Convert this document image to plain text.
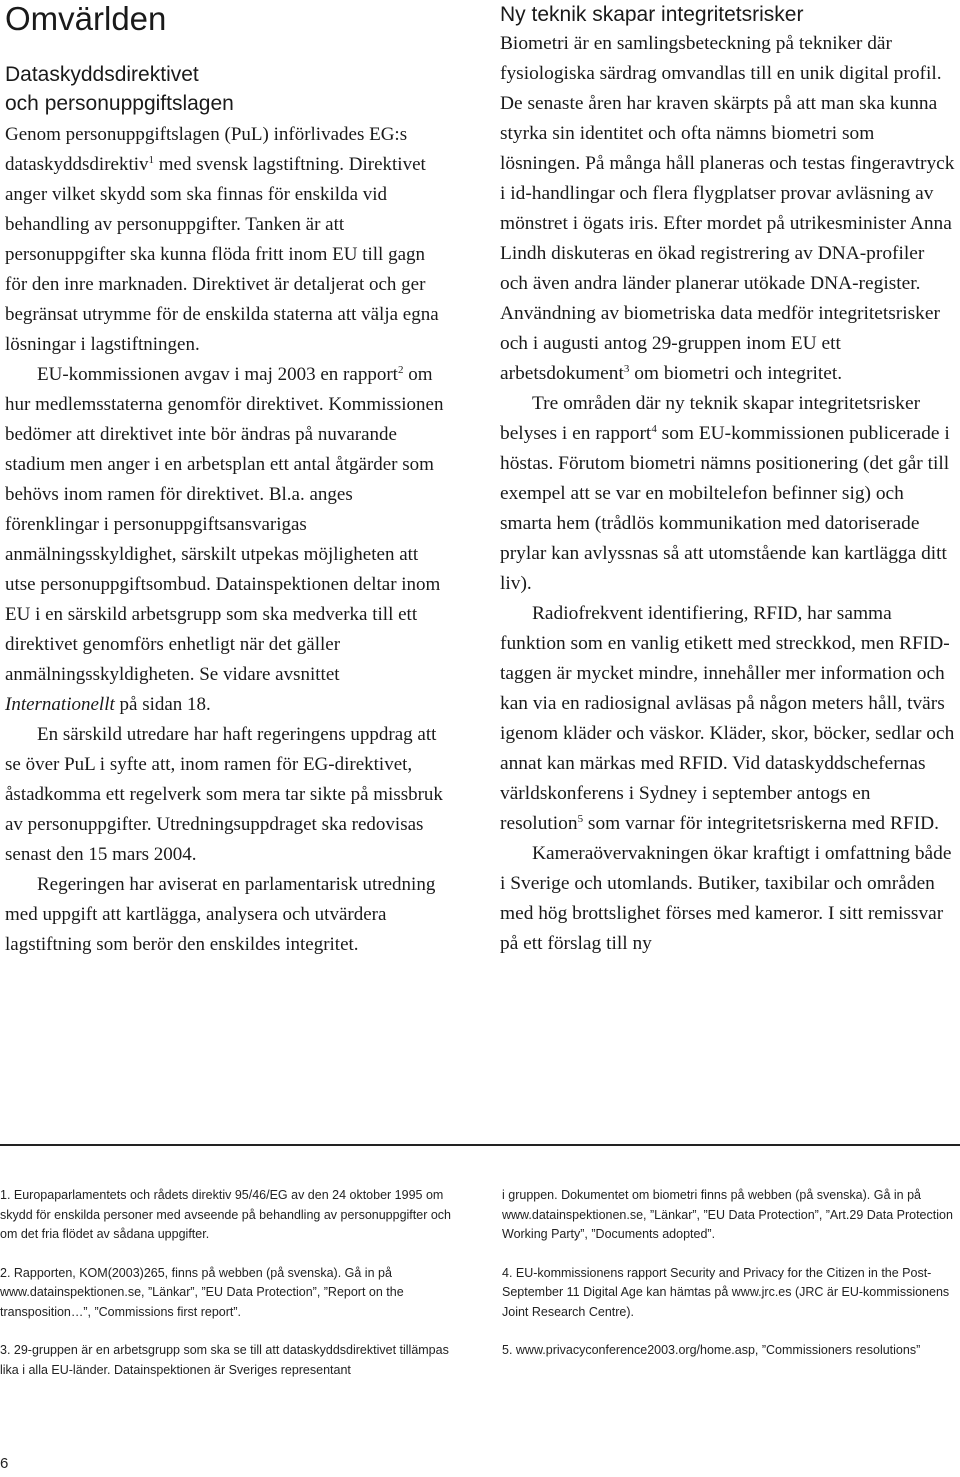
Omvärlden
Dataskyddsdirektivet
och personuppgiftslagen

Genom personuppgiftslagen (PuL) införlivades EG:s dataskyddsdirektiv$^1$ med svensk lagstiftning. Direktivet anger vilket skydd som ska finnas för enskilda vid behandling av personuppgifter. Tanken är att personuppgifter ska kunna flöda fritt inom EU till gagn för den inre marknaden. Direktivet är detaljerat och ger begränsat utrymme för de enskilda staterna att välja egna lösningar i lagstiftningen.

EU-kommissionen avgav i maj 2003 en rapport$^2$ om hur medlemsstaterna genomför direktivet. Kommissionen bedömer att direktivet inte bör ändras på nuvarande stadium men anger i en arbetsplan ett antal åtgärder som behövs inom ramen för direktivet. Bl.a. anges förenklingar i personuppgiftsansvarigas anmälningsskyldighet, särskilt utpekas möjligheten att utse personuppgiftsombud. Datainspektionen deltar inom EU i en särskild arbetsgrupp som ska medverka till ett direktivet genomförs enhetligt när det gäller anmälningsskyldigheten. Se vidare avsnittet Internationellt på sidan 18.

En särskild utredare har haft regeringens uppdrag att se över PuL i syfte att, inom ramen för EG-direktivet, åstadkomma ett regelverk som mera tar sikte på missbruk av personuppgifter. Utredningsuppdraget ska redovisas senast den 15 mars 2004.

Regeringen har aviserat en parlamentarisk utredning med uppgift att kartlägga, analysera och utvärdera lagstiftning som berör den enskildes integritet.

Ny teknik skapar integritetsrisker

Biometri är en samlingsbeteckning på tekniker där fysiologiska särdrag omvandlas till en unik digital profil. De senaste åren har kraven skärpts på att man ska kunna styrka sin identitet och ofta nämns biometri som lösningen. På många håll planeras och testas fingeravtryck i id-handlingar och flera flygplatser provar avläsning av mönstret i ögats iris. Efter mordet på utrikesminister Anna Lindh diskuteras en ökad registrering av DNA-profiler och även andra länder planerar utökade DNA-register. Användning av biometriska data medför integritetsrisker och i augusti antog 29-gruppen inom EU ett arbetsdokument$^3$ om biometri och integritet.

Tre områden där ny teknik skapar integritetsrisker belyses i en rapport$^4$ som EU-kommissionen publicerade i höstas. Förutom biometri nämns positionering (det går till exempel att se var en mobiltelefon befinner sig) och smarta hem (trådlös kommunikation med datoriserade prylar kan avlyssnas så att utomstående kan kartlägga ditt liv).

Radiofrekvent identifiering, RFID, har samma funktion som en vanlig etikett med streckkod, men RFID-taggen är mycket mindre, innehåller mer information och kan via en radiosignal avläsas på någon meters håll, tvärs igenom kläder och väskor. Kläder, skor, böcker, sedlar och annat kan märkas med RFID. Vid dataskyddschefernas världskonferens i Sydney i september antogs en resolution$^5$ som varnar för integritetsriskerna med RFID.

Kameraövervakningen ökar kraftigt i omfattning både i Sverige och utomlands. Butiker, taxibilar och områden med hög brottslighet förses med kameror. I sitt remissvar på ett förslag till ny

1. Europaparlamentets och rådets direktiv 95/46/EG av den 24 oktober 1995 om skydd för enskilda personer med avseende på behandling av personuppgifter och om det fria flödet av sådana uppgifter.

2. Rapporten, KOM(2003)265, finns på webben (på svenska). Gå in på www.datainspektionen.se, ”Länkar”, ”EU Data Protection”, ”Report on the transposition…”, ”Commissions first report”.

3. 29-gruppen är en arbetsgrupp som ska se till att dataskyddsdirektivet tillämpas lika i alla EU-länder. Datainspektionen är Sveriges representant

i gruppen. Dokumentet om biometri finns på webben (på svenska). Gå in på www.datainspektionen.se, ”Länkar”, ”EU Data Protection”, ”Art.29 Data Protection Working Party”, ”Documents adopted”.

4. EU-kommissionens rapport Security and Privacy for the Citizen in the Post-September 11 Digital Age kan hämtas på www.jrc.es (JRC är EU-kommissionens Joint Research Centre).

5. www.privacyconference2003.org/home.asp, ”Commissioners resolutions”

6
